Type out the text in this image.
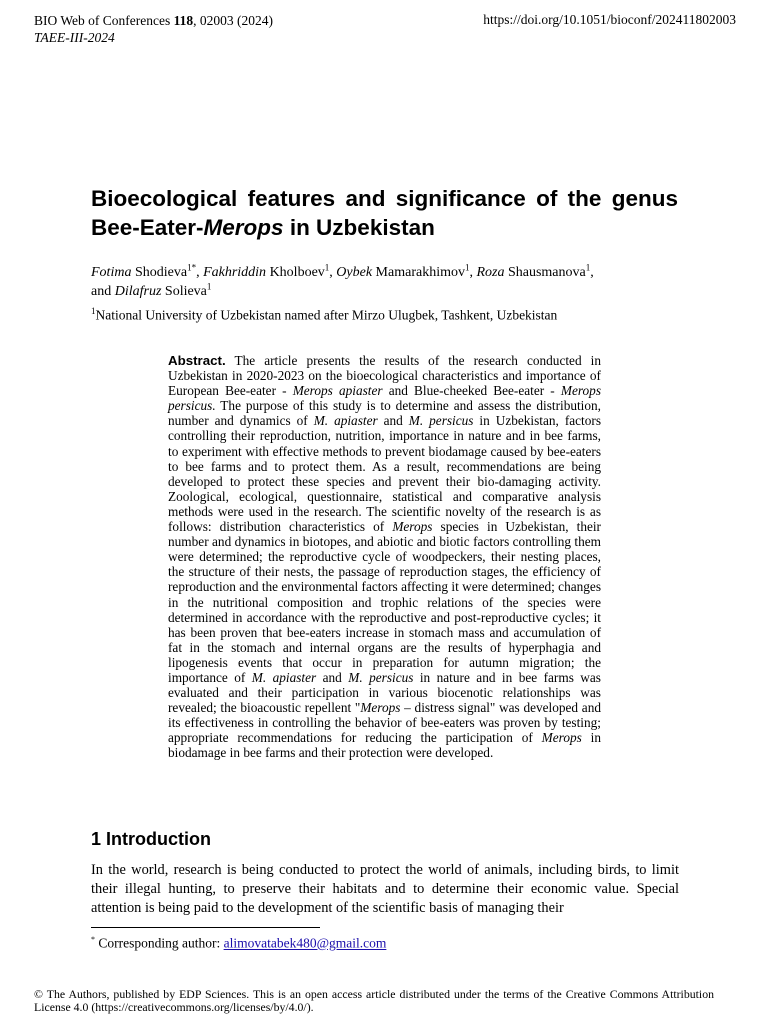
BIO Web of Conferences 118, 02003 (2024)
TAEE-III-2024
https://doi.org/10.1051/bioconf/202411802003
Bioecological features and significance of the genus Bee-Eater-Merops in Uzbekistan
Fotima Shodieva$^{1*}$, Fakhriddin Kholboev$^1$, Oybek Mamarakhimov$^1$, Roza Shausmanova$^1$,
and Dilafruz Solieva$^1$
$^1$National University of Uzbekistan named after Mirzo Ulugbek, Tashkent, Uzbekistan

Abstract. The article presents the results of the research conducted in Uzbekistan in 2020-2023 on the bioecological characteristics and importance of European Bee-eater - Merops apiaster and Blue-cheeked Bee-eater - Merops persicus. The purpose of this study is to determine and assess the distribution, number and dynamics of M. apiaster and M. persicus in Uzbekistan, factors controlling their reproduction, nutrition, importance in nature and in bee farms, to experiment with effective methods to prevent biodamage caused by bee-eaters to bee farms and to protect them. As a result, recommendations are being developed to protect these species and prevent their bio-damaging activity. Zoological, ecological, questionnaire, statistical and comparative analysis methods were used in the research. The scientific novelty of the research is as follows: distribution characteristics of Merops species in Uzbekistan, their number and dynamics in biotopes, and abiotic and biotic factors controlling them were determined; the reproductive cycle of woodpeckers, their nesting places, the structure of their nests, the passage of reproduction stages, the efficiency of reproduction and the environmental factors affecting it were determined; changes in the nutritional composition and trophic relations of the species were determined in accordance with the reproductive and post-reproductive cycles; it has been proven that bee-eaters increase in stomach mass and accumulation of fat in the stomach and internal organs are the results of hyperphagia and lipogenesis events that occur in preparation for autumn migration; the importance of M. apiaster and M. persicus in nature and in bee farms was evaluated and their participation in various biocenotic relationships was revealed; the bioacoustic repellent "Merops – distress signal" was developed and its effectiveness in controlling the behavior of bee-eaters was proven by testing; appropriate recommendations for reducing the participation of Merops in biodamage in bee farms and their protection were developed.

1 Introduction

In the world, research is being conducted to protect the world of animals, including birds, to limit their illegal hunting, to preserve their habitats and to determine their economic value. Special attention is being paid to the development of the scientific basis of managing their

* Corresponding author: alimovatabek480@gmail.com

© The Authors, published by EDP Sciences. This is an open access article distributed under the terms of the Creative Commons Attribution License 4.0 (https://creativecommons.org/licenses/by/4.0/).
